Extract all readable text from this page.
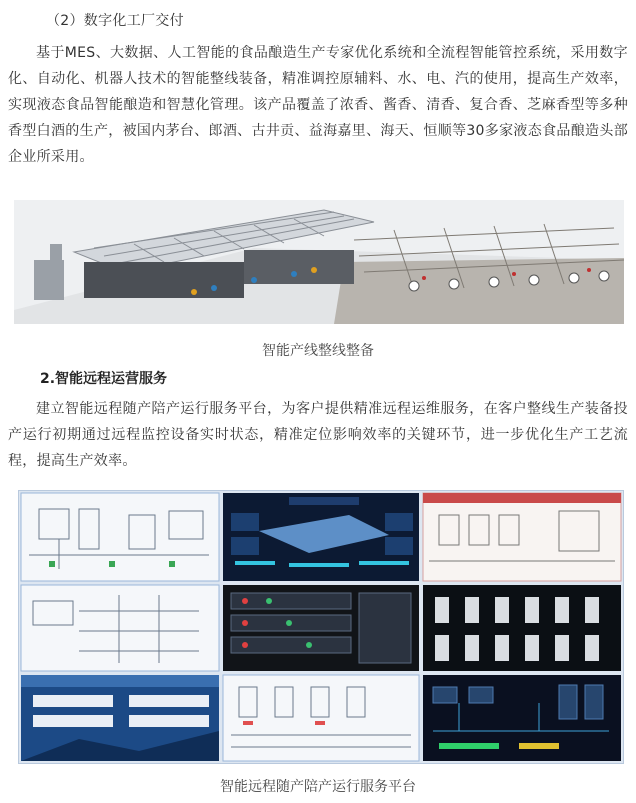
（2）数字化工厂交付
基于MES、大数据、人工智能的食品酿造生产专家优化系统和全流程智能管控系统，采用数字化、自动化、机器人技术的智能整线装备，精准调控原辅料、水、电、汽的使用，提高生产效率，实现液态食品智能酿造和智慧化管理。该产品覆盖了浓香、酱香、清香、复合香、芝麻香型等多种香型白酒的生产，被国内茅台、郎酒、古井贡、益海嘉里、海天、恒顺等30多家液态食品酿造头部企业所采用。
智能产线整线整备
2.智能远程运营服务
建立智能远程随产陪产运行服务平台，为客户提供精准远程运维服务，在客户整线生产装备投产运行初期通过远程监控设备实时状态，精准定位影响效率的关键环节，进一步优化生产工艺流程，提高生产效率。
智能远程随产陪产运行服务平台
